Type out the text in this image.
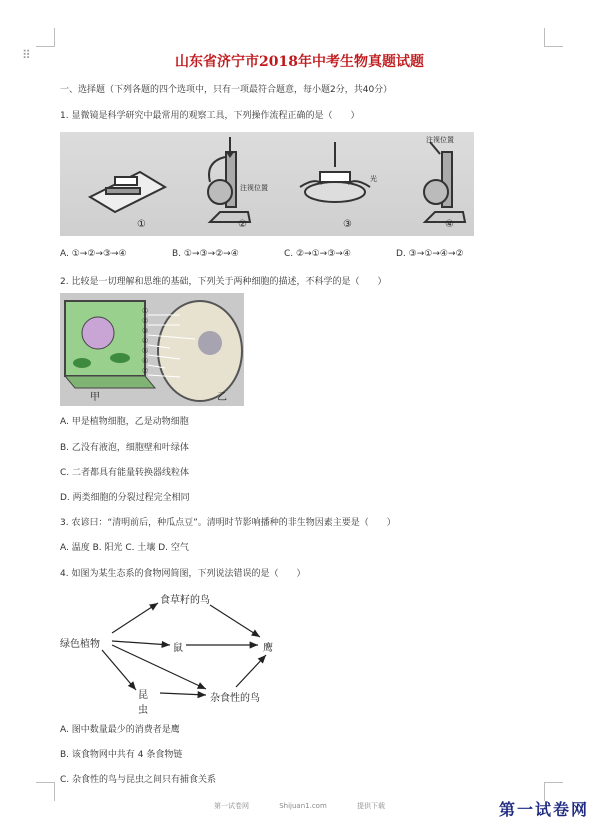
⠿	山东省济宁市2018年中考生物真题试题
一、选择题（下列各题的四个选项中，只有一项最符合题意，每小题2分，共40分）
1. 显微镜是科学研究中最常用的观察工具，下列操作流程正确的是（　　）
①	②	③	④
注视位置
光
注视位置
A. ①→②→③→④	B. ①→③→②→④	C. ②→①→③→④	D. ③→①→④→②
2. 比较是一切理解和思维的基础，下列关于两种细胞的描述，不科学的是（　　）
①
②
③
④
⑤
⑥
⑦
甲	乙
A. 甲是植物细胞，乙是动物细胞
B. 乙没有液泡，细胞壁和叶绿体
C. 二者都具有能量转换器线粒体
D. 两类细胞的分裂过程完全相同
3. 农谚曰：“清明前后，种瓜点豆”。清明时节影响播种的非生物因素主要是（　　）
A. 温度 B. 阳光 C. 土壤 D. 空气
4. 如图为某生态系的食物网简图，下列说法错误的是（　　）
绿色植物
食草籽的鸟
鼠	鹰
昆虫
杂食性的鸟
A. 图中数量最少的消费者是鹰
B. 该食物网中共有 4 条食物链
C. 杂食性的鸟与昆虫之间只有捕食关系
第一试卷网	Shijuan1.com	提供下载	第一试卷网
